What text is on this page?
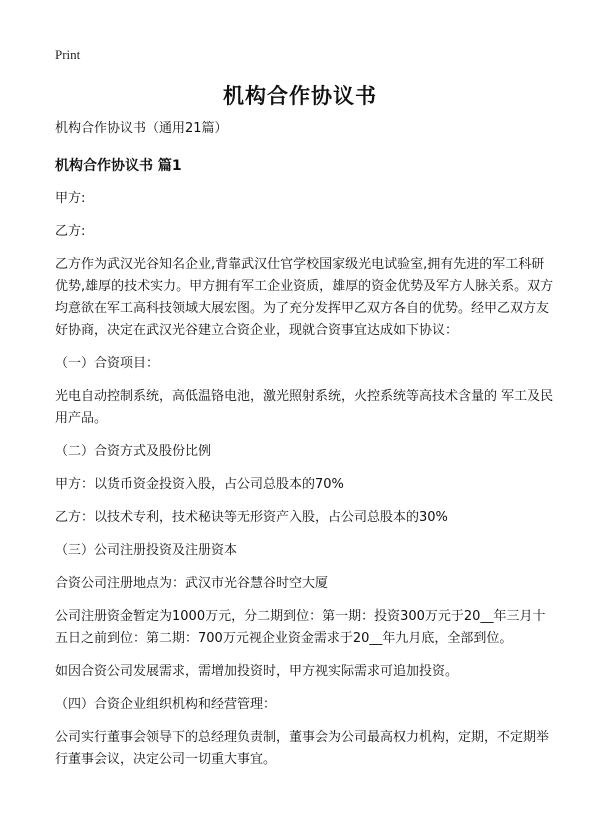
Print
机构合作协议书

机构合作协议书（通用21篇）

机构合作协议书 篇1

甲方:

乙方:

乙方作为武汉光谷知名企业,背靠武汉仕官学校国家级光电试验室,拥有先进的军工科研优势,雄厚的技术实力。甲方拥有军工企业资质，雄厚的资金优势及军方人脉关系。双方均意欲在军工高科技领域大展宏图。为了充分发挥甲乙双方各自的优势。经甲乙双方友好协商，决定在武汉光谷建立合资企业，现就合资事宜达成如下协议：

（一）合资项目：

光电自动控制系统，高低温铬电池，激光照射系统，火控系统等高技术含量的 军工及民用产品。

（二）合资方式及股份比例

甲方：以货币资金投资入股，占公司总股本的70%

乙方：以技术专利，技术秘诀等无形资产入股，占公司总股本的30%

（三）公司注册投资及注册资本

合资公司注册地点为：武汉市光谷慧谷时空大厦

公司注册资金暂定为1000万元，分二期到位：第一期：投资300万元于20__年三月十五日之前到位：第二期：700万元视企业资金需求于20__年九月底，全部到位。

如因合资公司发展需求，需增加投资时，甲方视实际需求可追加投资。

（四）合资企业组织机构和经营管理：

公司实行董事会领导下的总经理负责制，董事会为公司最高权力机构，定期，不定期举行董事会议，决定公司一切重大事宜。
